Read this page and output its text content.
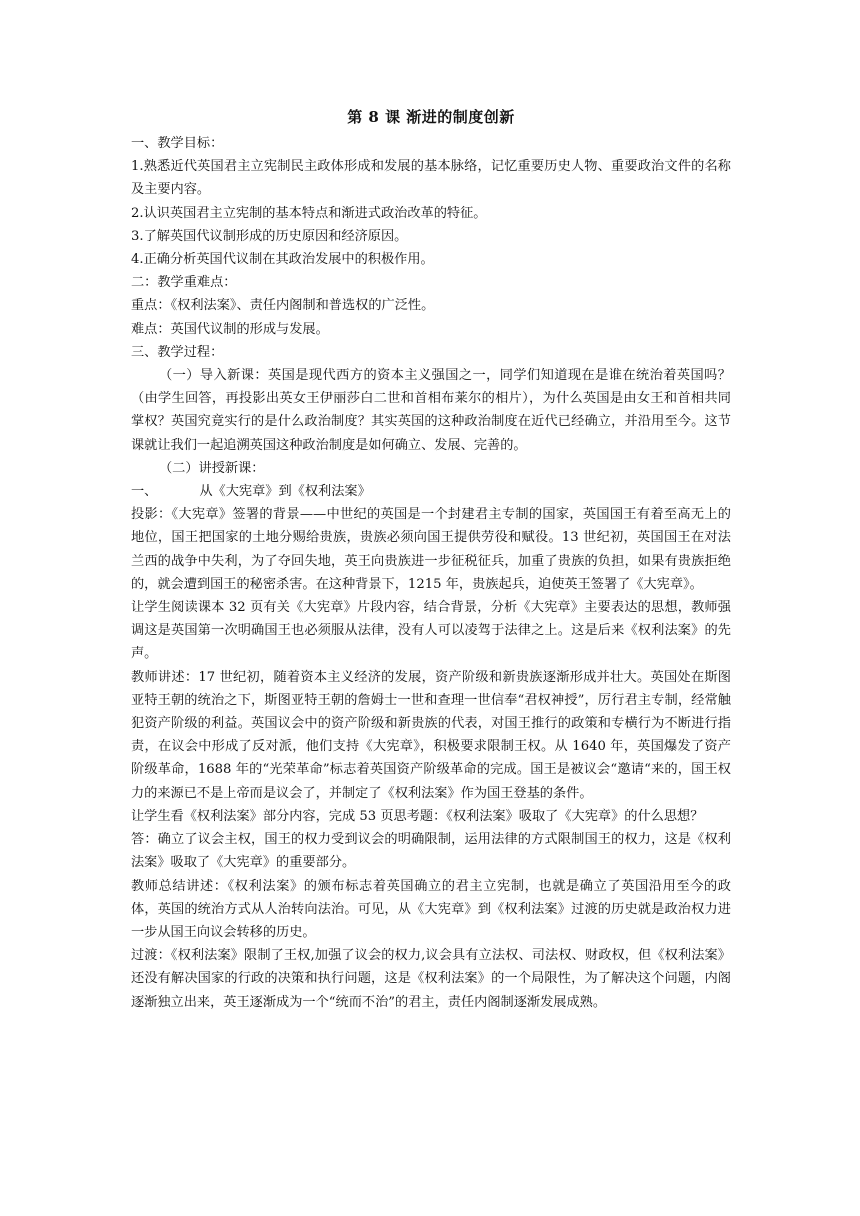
第 8 课 渐进的制度创新

一、教学目标：

1.熟悉近代英国君主立宪制民主政体形成和发展的基本脉络，记忆重要历史人物、重要政治文件的名称及主要内容。

2.认识英国君主立宪制的基本特点和渐进式政治改革的特征。

3.了解英国代议制形成的历史原因和经济原因。

4.正确分析英国代议制在其政治发展中的积极作用。

二：教学重难点：

重点：《权利法案》、责任内阁制和普选权的广泛性。

难点：英国代议制的形成与发展。

三、教学过程：

（一）导入新课：英国是现代西方的资本主义强国之一，同学们知道现在是谁在统治着英国吗？（由学生回答，再投影出英女王伊丽莎白二世和首相布莱尔的相片），为什么英国是由女王和首相共同掌权？英国究竟实行的是什么政治制度？其实英国的这种政治制度在近代已经确立，并沿用至今。这节课就让我们一起追溯英国这种政治制度是如何确立、发展、完善的。

（二）讲授新课：

一、	从《大宪章》到《权利法案》

投影：《大宪章》签署的背景——中世纪的英国是一个封建君主专制的国家，英国国王有着至高无上的地位，国王把国家的土地分赐给贵族，贵族必须向国王提供劳役和赋役。13 世纪初，英国国王在对法兰西的战争中失利，为了夺回失地，英王向贵族进一步征税征兵，加重了贵族的负担，如果有贵族拒绝的，就会遭到国王的秘密杀害。在这种背景下，1215 年，贵族起兵，迫使英王签署了《大宪章》。

让学生阅读课本 32 页有关《大宪章》片段内容，结合背景，分析《大宪章》主要表达的思想，教师强调这是英国第一次明确国王也必须服从法律，没有人可以凌驾于法律之上。这是后来《权利法案》的先声。

教师讲述：17 世纪初，随着资本主义经济的发展，资产阶级和新贵族逐渐形成并壮大。英国处在斯图亚特王朝的统治之下，斯图亚特王朝的詹姆士一世和查理一世信奉“君权神授”，厉行君主专制，经常触犯资产阶级的利益。英国议会中的资产阶级和新贵族的代表，对国王推行的政策和专横行为不断进行指责，在议会中形成了反对派，他们支持《大宪章》，积极要求限制王权。从 1640 年，英国爆发了资产阶级革命，1688 年的“光荣革命”标志着英国资产阶级革命的完成。国王是被议会“邀请“来的，国王权力的来源已不是上帝而是议会了，并制定了《权利法案》作为国王登基的条件。

让学生看《权利法案》部分内容，完成 53 页思考题：《权利法案》吸取了《大宪章》的什么思想？

答：确立了议会主权，国王的权力受到议会的明确限制，运用法律的方式限制国王的权力，这是《权利法案》吸取了《大宪章》的重要部分。

教师总结讲述：《权利法案》的颁布标志着英国确立的君主立宪制，也就是确立了英国沿用至今的政体，英国的统治方式从人治转向法治。可见，从《大宪章》到《权利法案》过渡的历史就是政治权力进一步从国王向议会转移的历史。

过渡：《权利法案》限制了王权,加强了议会的权力,议会具有立法权、司法权、财政权，但《权利法案》还没有解决国家的行政的决策和执行问题，这是《权利法案》的一个局限性，为了解决这个问题，内阁逐渐独立出来，英王逐渐成为一个“统而不治”的君主，责任内阁制逐渐发展成熟。
